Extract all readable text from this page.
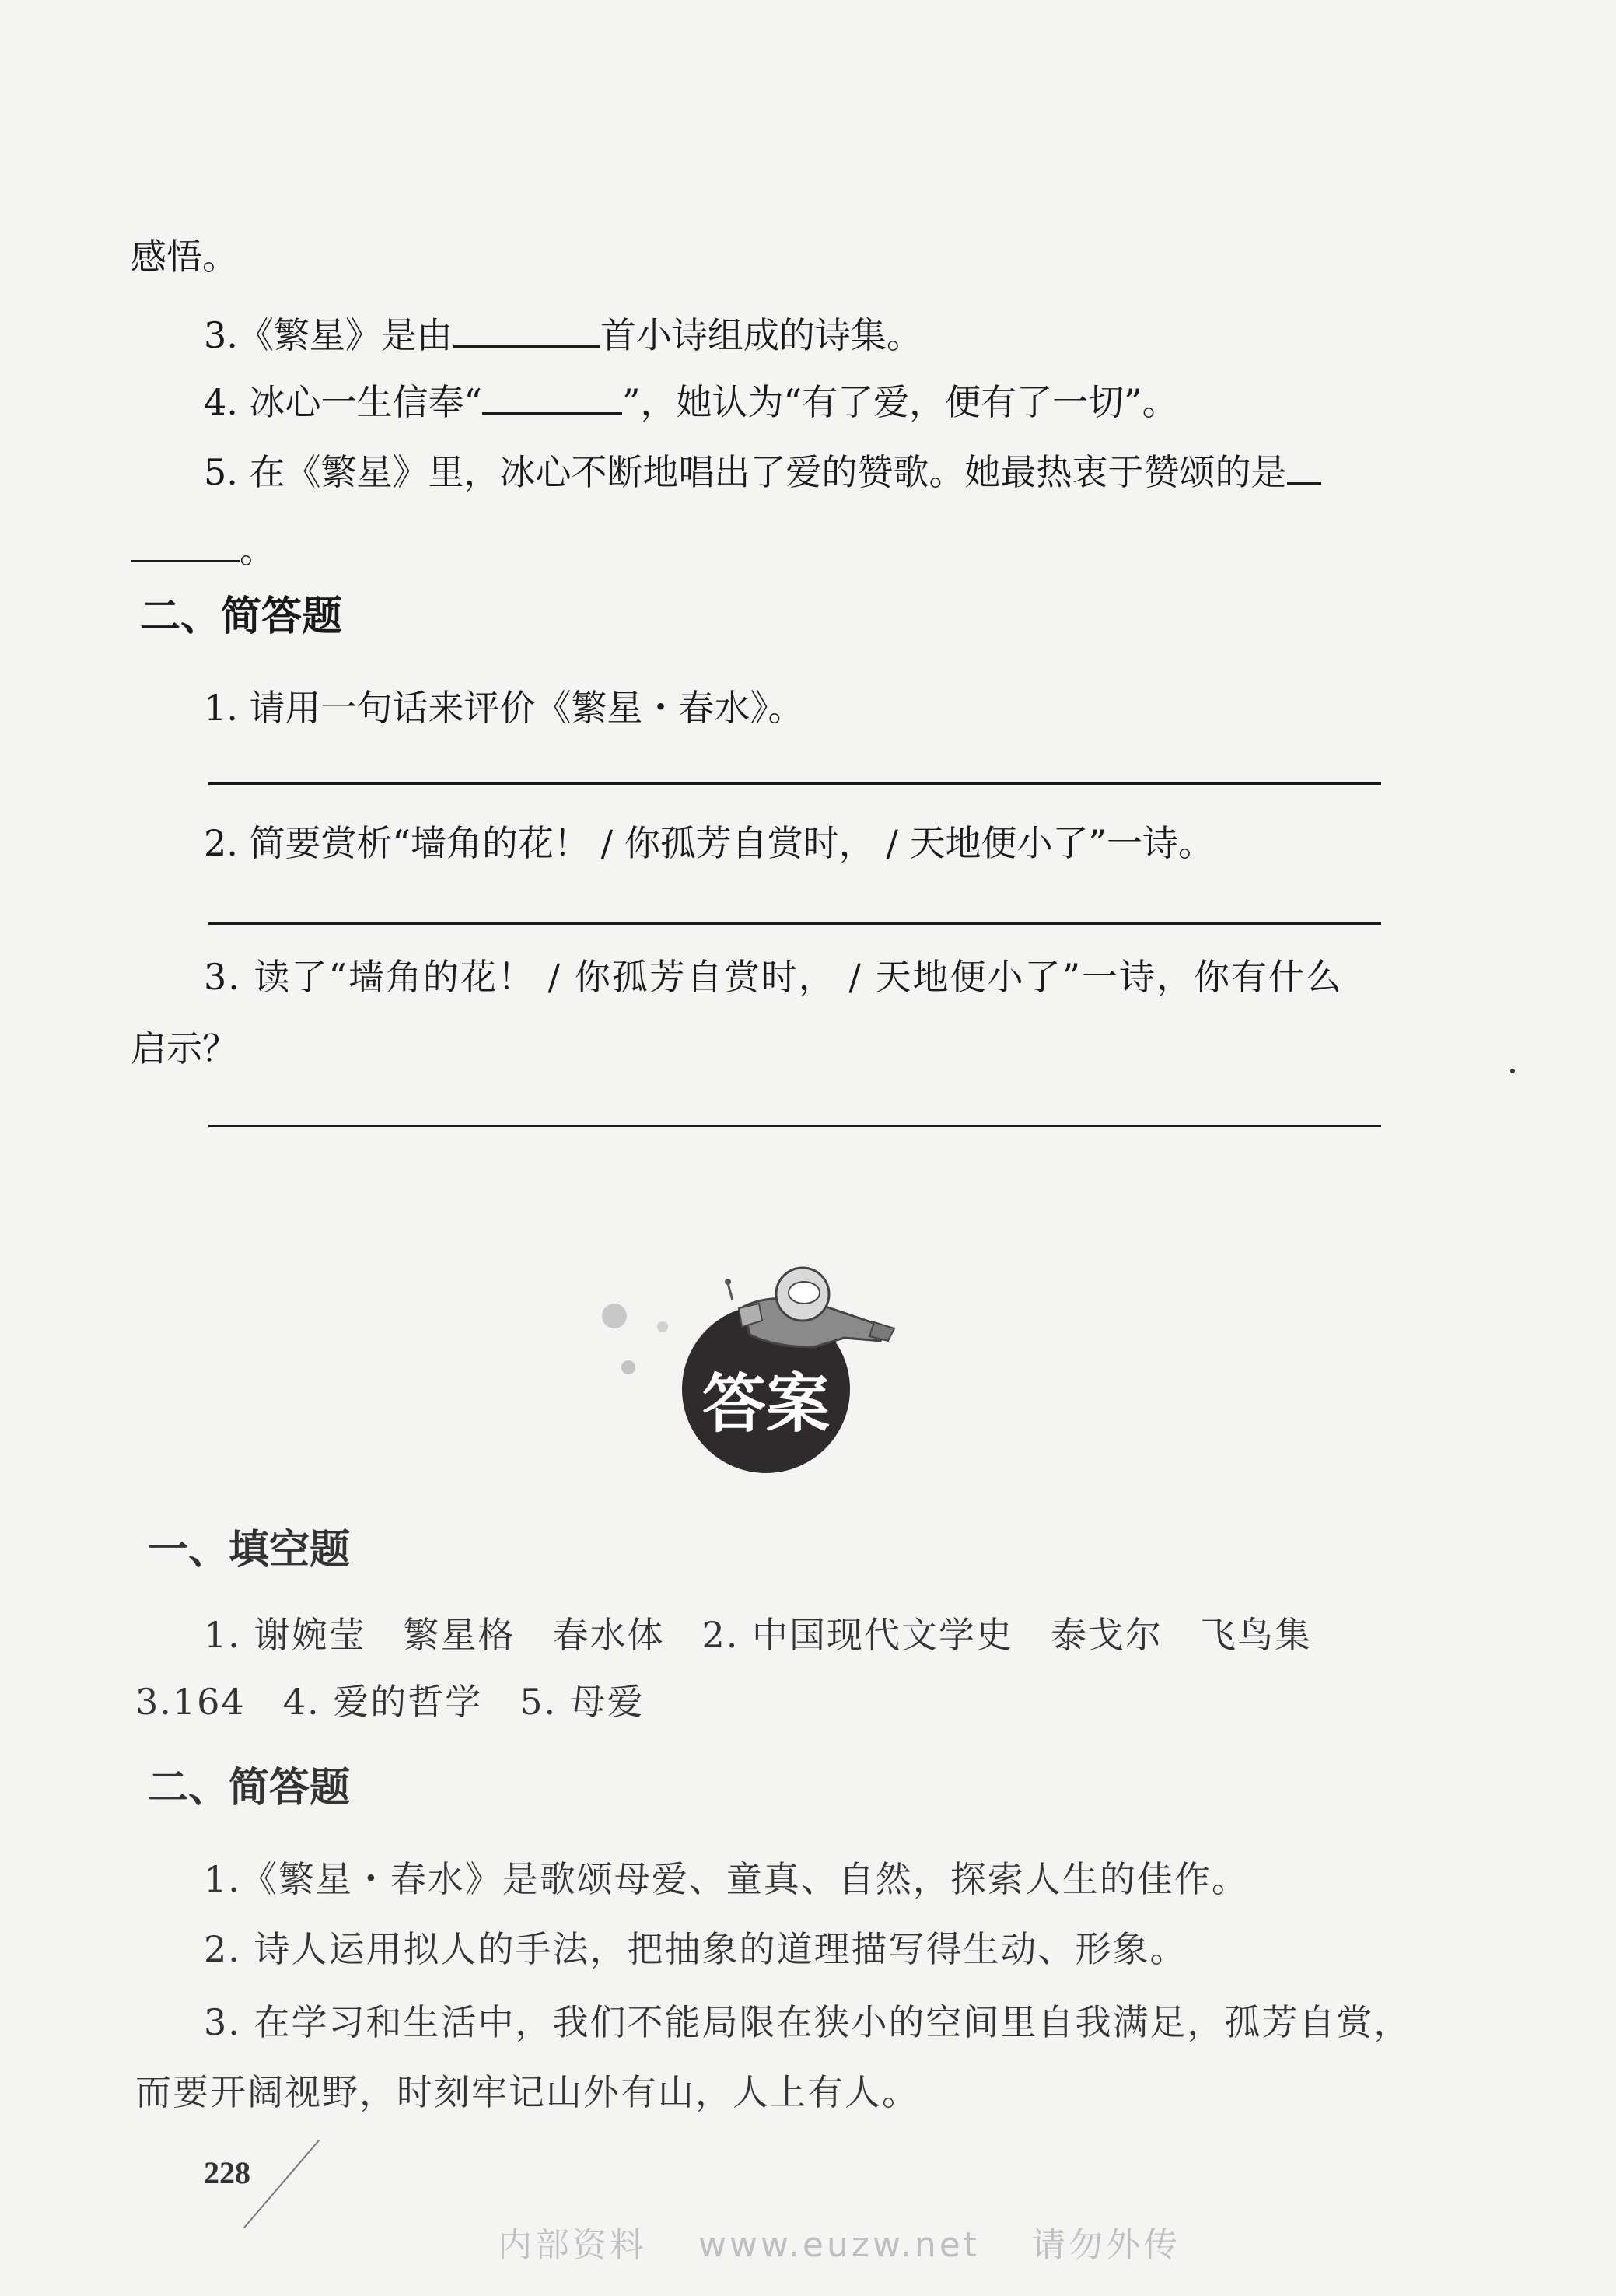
感悟。
3.《繁星》是由	首小诗组成的诗集。
4. 冰心一生信奉“	”，她认为“有了爱，便有了一切”。
5. 在《繁星》里，冰心不断地唱出了爱的赞歌。她最热衷于赞颂的是
。
二、简答题
1. 请用一句话来评价《繁星・春水》。
2. 简要赏析“墙角的花！ / 你孤芳自赏时， / 天地便小了”一诗。
3. 读了“墙角的花！ / 你孤芳自赏时， / 天地便小了”一诗，你有什么
启示？
答案
一、填空题
1. 谢婉莹　繁星格　春水体　2. 中国现代文学史　泰戈尔　飞鸟集
3.164　4. 爱的哲学　5. 母爱
二、简答题
1.《繁星・春水》是歌颂母爱、童真、自然，探索人生的佳作。
2. 诗人运用拟人的手法，把抽象的道理描写得生动、形象。
3. 在学习和生活中，我们不能局限在狭小的空间里自我满足，孤芳自赏，
而要开阔视野，时刻牢记山外有山，人上有人。
228
内部资料　 www.euzw.net　 请勿外传
